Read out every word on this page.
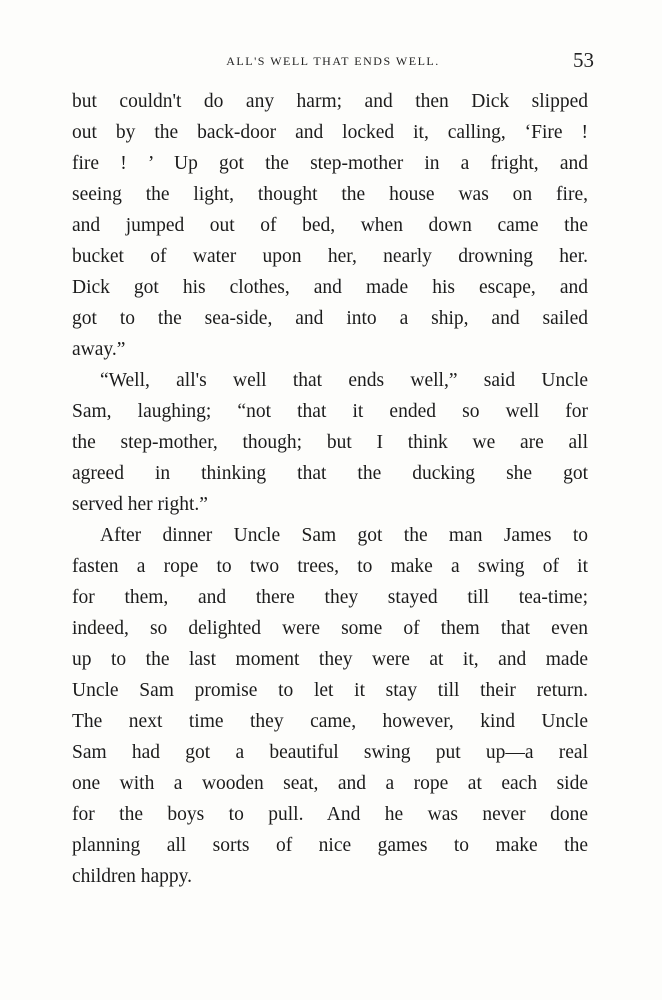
ALL'S WELL THAT ENDS WELL.	53
but couldn't do any harm; and then Dick slipped
out by the back-door and locked it, calling, ‘Fire !
fire ! ’ Up got the step-mother in a fright, and
seeing the light, thought the house was on fire,
and jumped out of bed, when down came the
bucket of water upon her, nearly drowning her.
Dick got his clothes, and made his escape, and
got to the sea-side, and into a ship, and sailed
away.”
“Well, all's well that ends well,” said Uncle
Sam, laughing; “not that it ended so well for
the step-mother, though; but I think we are all
agreed in thinking that the ducking she got
served her right.”
After dinner Uncle Sam got the man James to
fasten a rope to two trees, to make a swing of it
for them, and there they stayed till tea-time;
indeed, so delighted were some of them that even
up to the last moment they were at it, and made
Uncle Sam promise to let it stay till their return.
The next time they came, however, kind Uncle
Sam had got a beautiful swing put up—a real
one with a wooden seat, and a rope at each side
for the boys to pull. And he was never done
planning all sorts of nice games to make the
children happy.
